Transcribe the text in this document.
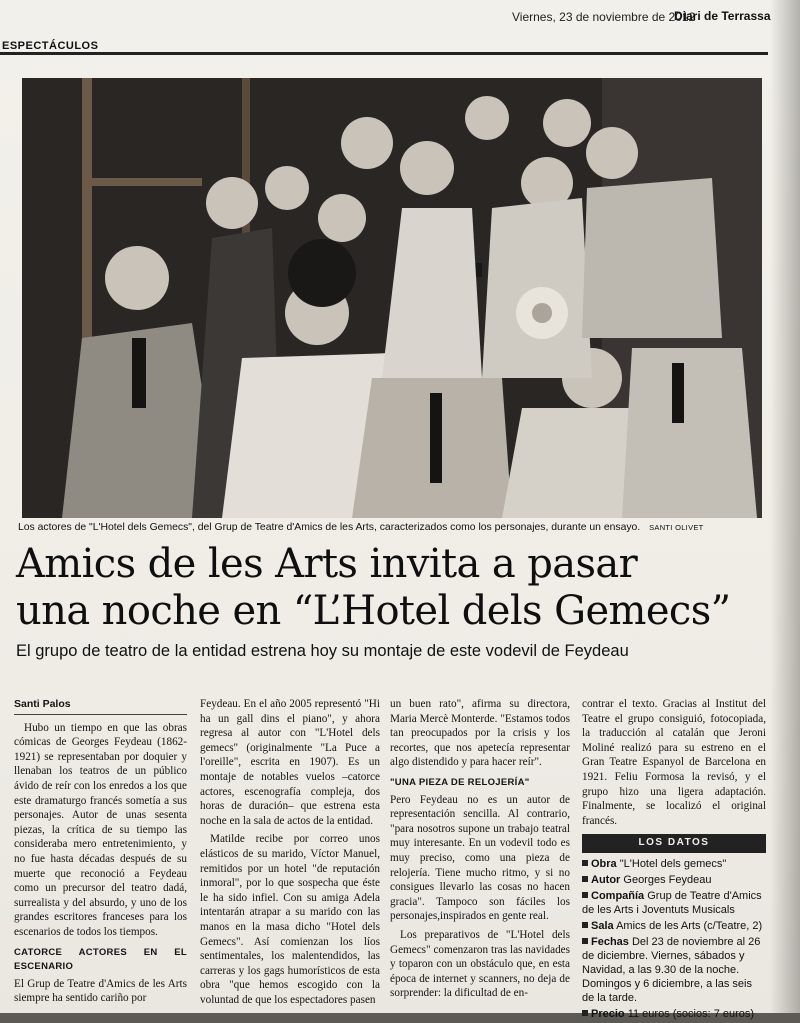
Viernes, 23 de noviembre de 2012
Diari de Terrassa
ESPECTÁCULOS
Los actores de "L'Hotel dels Gemecs", del Grup de Teatre d'Amics de les Arts, caracterizados como los personajes, durante un ensayo. SANTI OLIVET
Amics de les Arts invita a pasar
una noche en “L’Hotel dels Gemecs”
El grupo de teatro de la entidad estrena hoy su montaje de este vodevil de Feydeau
Santi Palos

Hubo un tiempo en que las obras cómicas de Georges Feydeau (1862-1921) se representaban por doquier y llenaban los teatros de un público ávido de reír con los enredos a los que este dramaturgo francés sometía a sus personajes. Autor de unas sesenta piezas, la crítica de su tiempo las consideraba mero entretenimiento, y no fue hasta décadas después de su muerte que reconoció a Feydeau como un precursor del teatro dadá, surrealista y del absurdo, y uno de los grandes escritores franceses para los escenarios de todos los tiempos.

CATORCE ACTORES EN EL ESCENARIO

El Grup de Teatre d'Amics de les Arts siempre ha sentido cariño por

Feydeau. En el año 2005 representó "Hi ha un gall dins el piano", y ahora regresa al autor con "L'Hotel dels gemecs" (originalmente "La Puce a l'oreille", escrita en 1907). Es un montaje de notables vuelos –catorce actores, escenografía compleja, dos horas de duración– que estrena esta noche en la sala de actos de la entidad.

Matilde recibe por correo unos elásticos de su marido, Víctor Manuel, remitidos por un hotel "de reputación inmoral", por lo que sospecha que éste le ha sido infiel. Con su amiga Adela intentarán atrapar a su marido con las manos en la masa dicho "Hotel dels Gemecs". Así comienzan los líos sentimentales, los malentendidos, las carreras y los gags humorísticos de esta obra "que hemos escogido con la voluntad de que los espectadores pasen

un buen rato", afirma su directora, Maria Mercè Monterde. "Estamos todos tan preocupados por la crisis y los recortes, que nos apetecía representar algo distendido y para hacer reír".

"UNA PIEZA DE RELOJERÍA"

Pero Feydeau no es un autor de representación sencilla. Al contrario, "para nosotros supone un trabajo teatral muy interesante. En un vodevil todo es muy preciso, como una pieza de relojería. Tiene mucho ritmo, y si no consigues llevarlo las cosas no hacen gracia". Tampoco son fáciles los personajes,inspirados en gente real.

Los preparativos de "L'Hotel dels Gemecs" comenzaron tras las navidades y toparon con un obstáculo que, en esta época de internet y scanners, no deja de sorprender: la dificultad de en-

contrar el texto. Gracias al Institut del Teatre el grupo consiguió, fotocopiada, la traducción al catalán que Jeroni Moliné realizó para su estreno en el Gran Teatre Espanyol de Barcelona en 1921. Feliu Formosa la revisó, y el grupo hizo una ligera adaptación. Finalmente, se localizó el original francés.

LOS DATOS
Obra "L'Hotel dels gemecs"
Autor Georges Feydeau
Compañía Grup de Teatre d'Amics de les Arts i Joventuts Musicals
Sala Amics de les Arts (c/Teatre, 2)
Fechas Del 23 de noviembre al 26 de diciembre. Viernes, sábados y Navidad, a las 9.30 de la noche. Domingos y 6 diciembre, a las seis de la tarde.
Precio 11 euros (socios: 7 euros)
